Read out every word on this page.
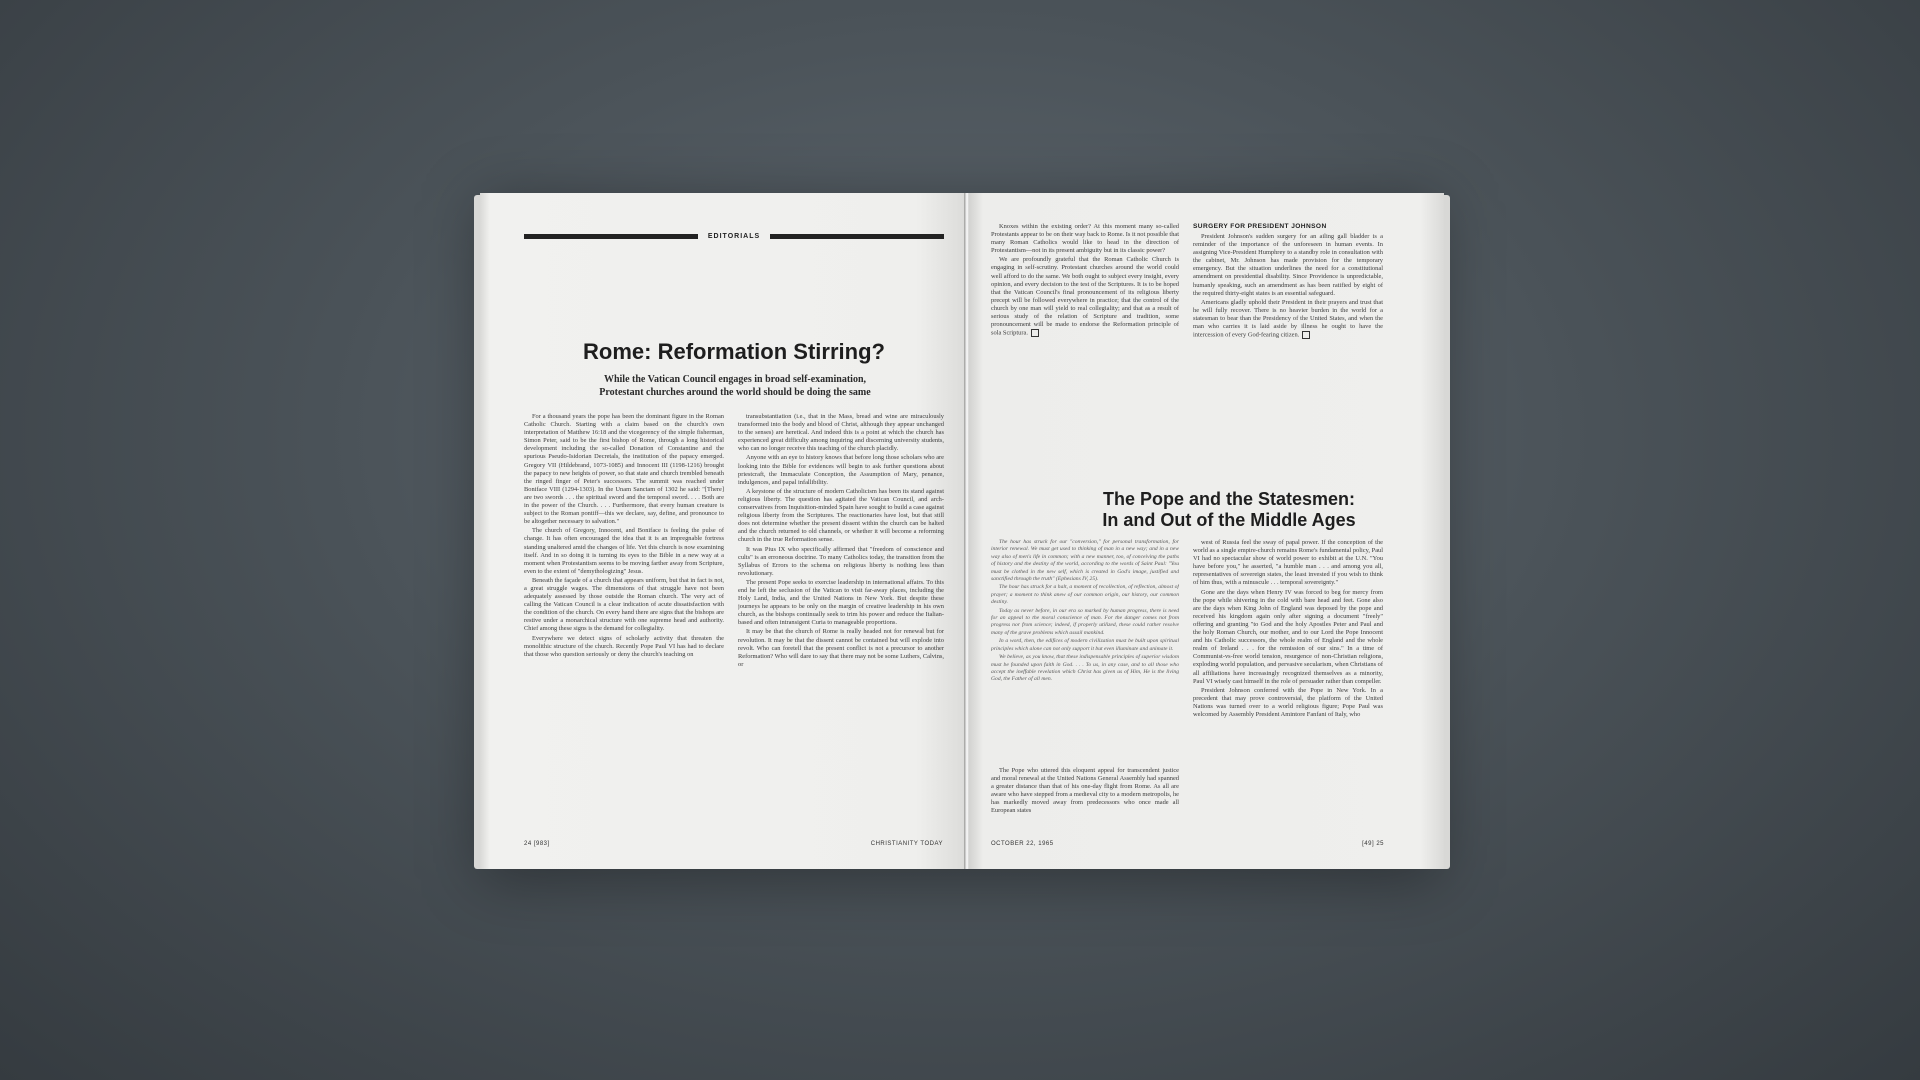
EDITORIALS
Rome: Reformation Stirring?
While the Vatican Council engages in broad self-examination,
Protestant churches around the world should be doing the same

For a thousand years the pope has been the dominant figure in the Roman Catholic Church. Starting with a claim based on the church's own interpretation of Matthew 16:18 and the vicegerency of the simple fisherman, Simon Peter, said to be the first bishop of Rome, through a long historical development including the so-called Donation of Constantine and the spurious Pseudo-Isidorian Decretals, the institution of the papacy emerged. Gregory VII (Hildebrand, 1073-1085) and Innocent III (1198-1216) brought the papacy to new heights of power, so that state and church trembled beneath the ringed finger of Peter's successors. The summit was reached under Boniface VIII (1294-1303). In the Unam Sanctam of 1302 he said: "[There] are two swords . . . the spiritual sword and the temporal sword. . . . Both are in the power of the Church. . . . Furthermore, that every human creature is subject to the Roman pontiff—this we declare, say, define, and pronounce to be altogether necessary to salvation."

The church of Gregory, Innocent, and Boniface is feeling the pulse of change. It has often encouraged the idea that it is an impregnable fortress standing unaltered amid the changes of life. Yet this church is now examining itself. And in so doing it is turning its eyes to the Bible in a new way at a moment when Protestantism seems to be moving farther away from Scripture, even to the extent of "demythologizing" Jesus.

Beneath the façade of a church that appears uniform, but that in fact is not, a great struggle wages. The dimensions of that struggle have not been adequately assessed by those outside the Roman church. The very act of calling the Vatican Council is a clear indication of acute dissatisfaction with the condition of the church. On every hand there are signs that the bishops are restive under a monarchical structure with one supreme head and authority. Chief among these signs is the demand for collegiality.

Everywhere we detect signs of scholarly activity that threaten the monolithic structure of the church. Recently Pope Paul VI has had to declare that those who question seriously or deny the church's teaching on

transubstantiation (i.e., that in the Mass, bread and wine are miraculously transformed into the body and blood of Christ, although they appear unchanged to the senses) are heretical. And indeed this is a point at which the church has experienced great difficulty among inquiring and discerning university students, who can no longer receive this teaching of the church placidly.

Anyone with an eye to history knows that before long those scholars who are looking into the Bible for evidences will begin to ask further questions about priestcraft, the Immaculate Conception, the Assumption of Mary, penance, indulgences, and papal infallibility.

A keystone of the structure of modern Catholicism has been its stand against religious liberty. The question has agitated the Vatican Council, and arch-conservatives from Inquisition-minded Spain have sought to build a case against religious liberty from the Scriptures. The reactionaries have lost, but that still does not determine whether the present dissent within the church can be halted and the church returned to old channels, or whether it will become a reforming church in the true Reformation sense.

It was Pius IX who specifically affirmed that "freedom of conscience and cults" is an erroneous doctrine. To many Catholics today, the transition from the Syllabus of Errors to the schema on religious liberty is nothing less than revolutionary.

The present Pope seeks to exercise leadership in international affairs. To this end he left the seclusion of the Vatican to visit far-away places, including the Holy Land, India, and the United Nations in New York. But despite these journeys he appears to be only on the margin of creative leadership in his own church, as the bishops continually seek to trim his power and reduce the Italian-based and often intransigent Curia to manageable proportions.

It may be that the church of Rome is really headed not for renewal but for revolution. It may be that the dissent cannot be contained but will explode into revolt. Who can foretell that the present conflict is not a precursor to another Reformation? Who will dare to say that there may not be some Luthers, Calvins, or

24 [983]	CHRISTIANITY TODAY

Knoxes within the existing order? At this moment many so-called Protestants appear to be on their way back to Rome. Is it not possible that many Roman Catholics would like to head in the direction of Protestantism—not in its present ambiguity but in its classic power?

We are profoundly grateful that the Roman Catholic Church is engaging in self-scrutiny. Protestant churches around the world could well afford to do the same. We both ought to subject every insight, every opinion, and every decision to the test of the Scriptures. It is to be hoped that the Vatican Council's final pronouncement of its religious liberty precept will be followed everywhere in practice; that the control of the church by one man will yield to real collegiality; and that as a result of serious study of the relation of Scripture and tradition, some pronouncement will be made to endorse the Reformation principle of sola Scriptura.

SURGERY FOR PRESIDENT JOHNSON

President Johnson's sudden surgery for an ailing gall bladder is a reminder of the importance of the unforeseen in human events. In assigning Vice-President Humphrey to a standby role in consultation with the cabinet, Mr. Johnson has made provision for the temporary emergency. But the situation underlines the need for a constitutional amendment on presidential disability. Since Providence is unpredictable, humanly speaking, such an amendment as has been ratified by eight of the required thirty-eight states is an essential safeguard.

Americans gladly uphold their President in their prayers and trust that he will fully recover. There is no heavier burden in the world for a statesman to bear than the Presidency of the United States, and when the man who carries it is laid aside by illness he ought to have the intercession of every God-fearing citizen.

The Pope and the Statesmen:
In and Out of the Middle Ages

The hour has struck for our "conversion," for personal transformation, for interior renewal. We must get used to thinking of man in a new way; and in a new way also of men's life in common; with a new manner, too, of conceiving the paths of history and the destiny of the world, according to the words of Saint Paul: "You must be clothed in the new self, which is created in God's image, justified and sanctified through the truth" (Ephesians IV, 25).

The hour has struck for a halt, a moment of recollection, of reflection, almost of prayer; a moment to think anew of our common origin, our history, our common destiny.

Today as never before, in our era so marked by human progress, there is need for an appeal to the moral conscience of man. For the danger comes not from progress nor from science; indeed, if properly utilized, these could rather resolve many of the grave problems which assail mankind.

In a word, then, the edifices of modern civilization must be built upon spiritual principles which alone can not only support it but even illuminate and animate it.

We believe, as you know, that these indispensable principles of superior wisdom must be founded upon faith in God. . . . To us, in any case, and to all those who accept the ineffable revelation which Christ has given us of Him, He is the living God, the Father of all men.

The Pope who uttered this eloquent appeal for transcendent justice and moral renewal at the United Nations General Assembly had spanned a greater distance than that of his one-day flight from Rome. As all are aware who have stepped from a medieval city to a modern metropolis, he has markedly moved away from predecessors who once made all European states

west of Russia feel the sway of papal power. If the conception of the world as a single empire-church remains Rome's fundamental policy, Paul VI had no spectacular show of world power to exhibit at the U.N. "You have before you," he asserted, "a humble man . . . and among you all, representatives of sovereign states, the least invested if you wish to think of him thus, with a minuscule . . . temporal sovereignty."

Gone are the days when Henry IV was forced to beg for mercy from the pope while shivering in the cold with bare head and feet. Gone also are the days when King John of England was deposed by the pope and received his kingdom again only after signing a document "freely" offering and granting "to God and the holy Apostles Peter and Paul and the holy Roman Church, our mother, and to our Lord the Pope Innocent and his Catholic successors, the whole realm of England and the whole realm of Ireland . . . for the remission of our sins." In a time of Communist-vs-free world tension, resurgence of non-Christian religions, exploding world population, and pervasive secularism, when Christians of all affiliations have increasingly recognized themselves as a minority, Paul VI wisely cast himself in the role of persuader rather than compeller.

President Johnson conferred with the Pope in New York. In a precedent that may prove controversial, the platform of the United Nations was turned over to a world religious figure; Pope Paul was welcomed by Assembly President Amintore Fanfani of Italy, who

OCTOBER 22, 1965	[49] 25
